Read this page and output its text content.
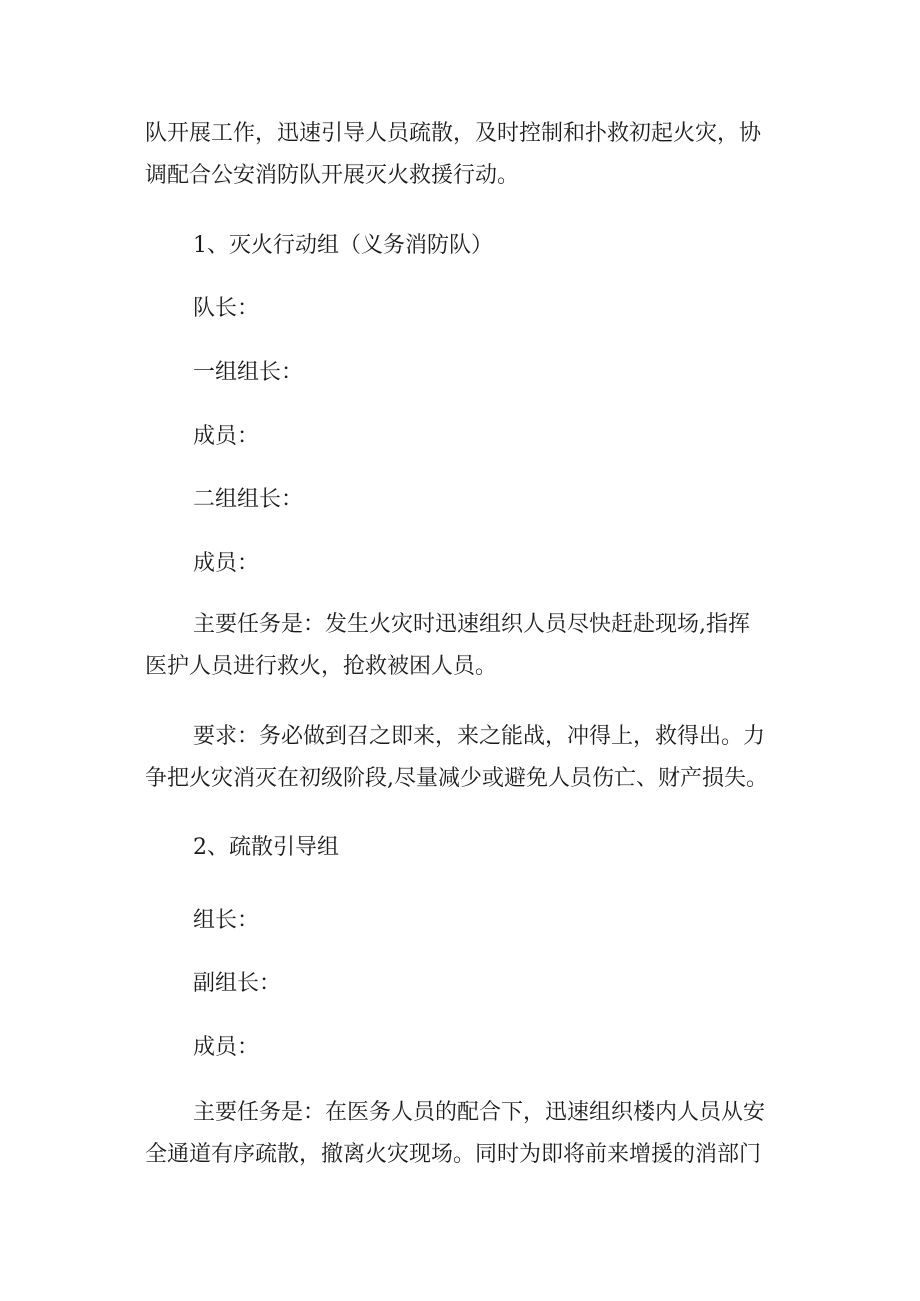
队开展工作，迅速引导人员疏散，及时控制和扑救初起火灾，协
调配合公安消防队开展灭火救援行动。
1、灭火行动组（义务消防队）
队长：
一组组长：
成员：
二组组长：
成员：
主要任务是：发生火灾时迅速组织人员尽快赶赴现场,指挥
医护人员进行救火，抢救被困人员。
要求：务必做到召之即来，来之能战，冲得上，救得出。力
争把火灾消灭在初级阶段,尽量减少或避免人员伤亡、财产损失。
2、疏散引导组
组长：
副组长：
成员：
主要任务是：在医务人员的配合下，迅速组织楼内人员从安
全通道有序疏散，撤离火灾现场。同时为即将前来增援的消部门
